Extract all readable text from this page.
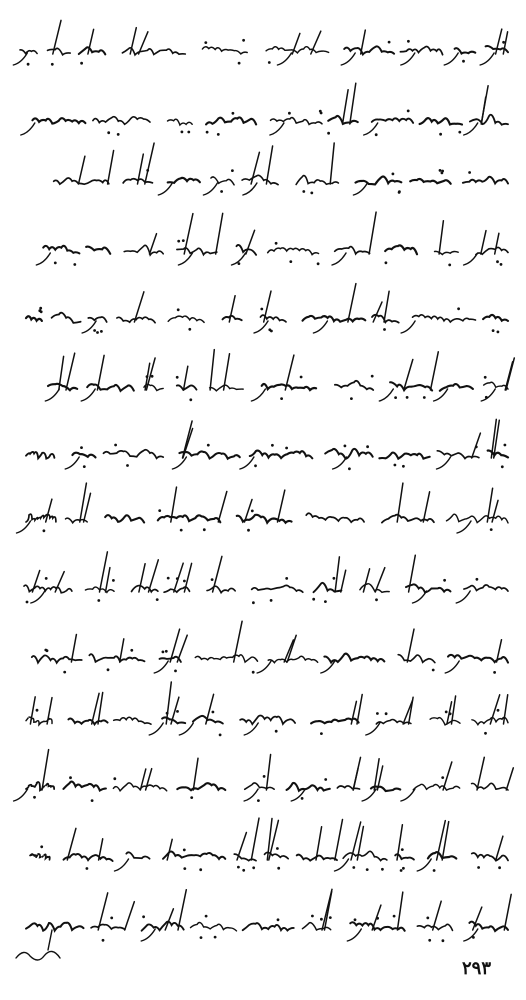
۲۹۳
